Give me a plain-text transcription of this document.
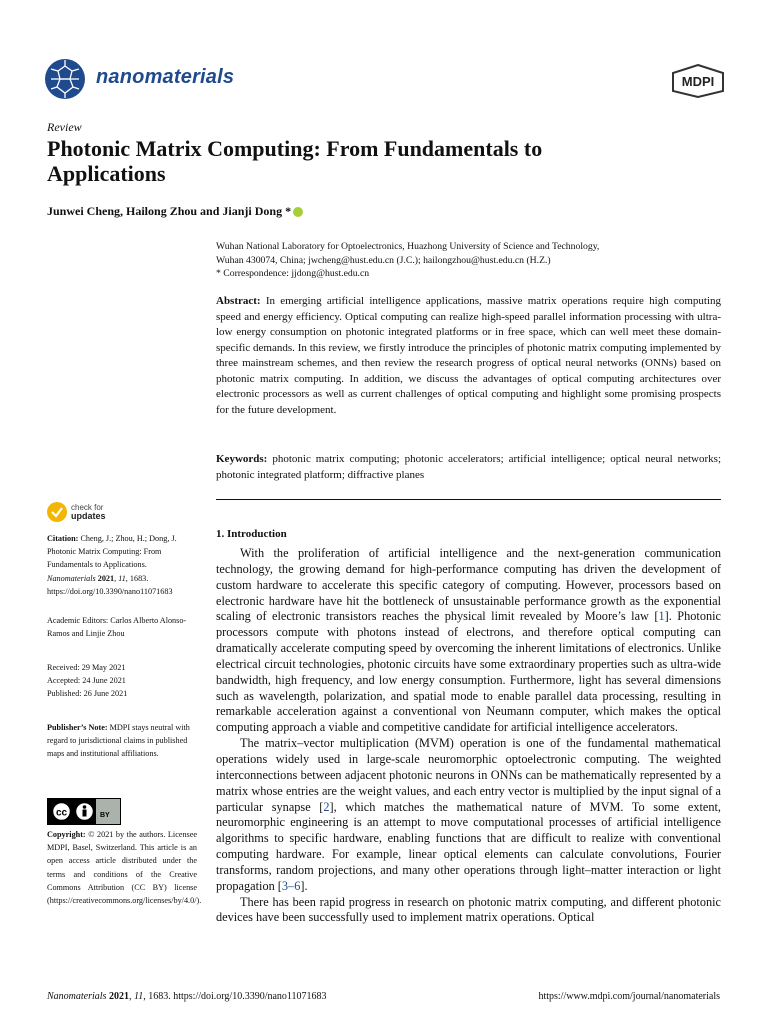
nanomaterials	MDPI
Review
Photonic Matrix Computing: From Fundamentals to Applications
Junwei Cheng, Hailong Zhou and Jianji Dong *
Wuhan National Laboratory for Optoelectronics, Huazhong University of Science and Technology,
Wuhan 430074, China; jwcheng@hust.edu.cn (J.C.); hailongzhou@hust.edu.cn (H.Z.)
* Correspondence: jjdong@hust.edu.cn
Abstract: In emerging artificial intelligence applications, massive matrix operations require high computing speed and energy efficiency. Optical computing can realize high-speed parallel information processing with ultra-low energy consumption on photonic integrated platforms or in free space, which can well meet these domain-specific demands. In this review, we firstly introduce the principles of photonic matrix computing implemented by three mainstream schemes, and then review the research progress of optical neural networks (ONNs) based on photonic matrix computing. In addition, we discuss the advantages of optical computing architectures over electronic processors as well as current challenges of optical computing and highlight some promising prospects for the future development.
Keywords: photonic matrix computing; photonic accelerators; artificial intelligence; optical neural networks; photonic integrated platform; diffractive planes
check for
updates

Citation: Cheng, J.; Zhou, H.; Dong, J. Photonic Matrix Computing: From Fundamentals to Applications. Nanomaterials 2021, 11, 1683. https://doi.org/10.3390/nano11071683

Academic Editors: Carlos Alberto Alonso-Ramos and Linjie Zhou

Received: 29 May 2021

Accepted: 24 June 2021

Published: 26 June 2021

Publisher’s Note: MDPI stays neutral with regard to jurisdictional claims in published maps and institutional affiliations.

cc	BY

Copyright: © 2021 by the authors. Licensee MDPI, Basel, Switzerland. This article is an open access article distributed under the terms and conditions of the Creative Commons Attribution (CC BY) license (https://creativecommons.org/licenses/by/4.0/).

1. Introduction

With the proliferation of artificial intelligence and the next-generation communication technology, the growing demand for high-performance computing has driven the development of custom hardware to accelerate this specific category of computing. However, processors based on electronic hardware have hit the bottleneck of unsustainable performance growth as the exponential scaling of electronic transistors reaches the physical limit revealed by Moore’s law [1]. Photonic processors compute with photons instead of electrons, and therefore optical computing can dramatically accelerate computing speed by overcoming the inherent limitations of electronics. Unlike electrical circuit technologies, photonic circuits have some extraordinary properties such as ultra-wide bandwidth, high frequency, and low energy consumption. Furthermore, light has several dimensions such as wavelength, polarization, and spatial mode to enable parallel data processing, resulting in remarkable acceleration against a conventional von Neumann computer, which makes the optical computing approach a viable and competitive candidate for artificial intelligence accelerators.

The matrix–vector multiplication (MVM) operation is one of the fundamental mathematical operations widely used in large-scale neuromorphic optoelectronic computing. The weighted interconnections between adjacent photonic neurons in ONNs can be mathematically represented by a matrix whose entries are the weight values, and each entry vector is multiplied by the input signal of a particular synapse [2], which matches the mathematical nature of MVM. To some extent, neuromorphic engineering is an attempt to move computational processes of artificial intelligence algorithms to specific hardware, enabling functions that are difficult to realize with conventional computing hardware. For example, linear optical elements can calculate convolutions, Fourier transforms, random projections, and many other operations through light–matter interaction or light propagation [3–6].

There has been rapid progress in research on photonic matrix computing, and different photonic devices have been successfully used to implement matrix operations. Optical

Nanomaterials 2021, 11, 1683. https://doi.org/10.3390/nano11071683	https://www.mdpi.com/journal/nanomaterials
